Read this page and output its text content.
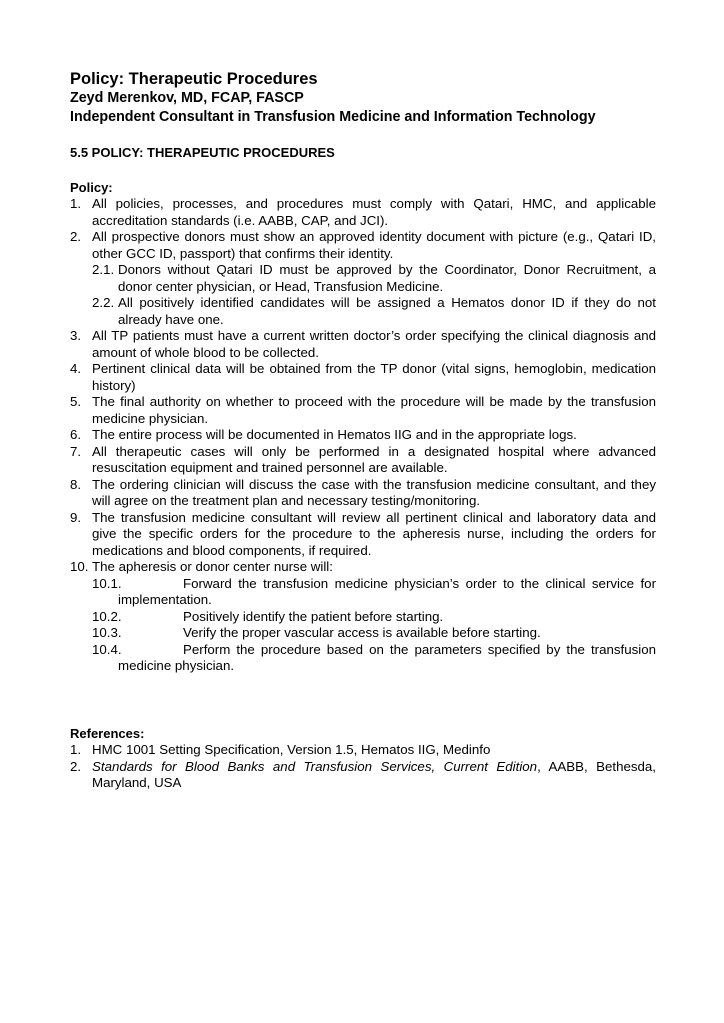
Policy: Therapeutic Procedures

Zeyd Merenkov, MD, FCAP, FASCP

Independent Consultant in Transfusion Medicine and Information Technology

5.5 POLICY: THERAPEUTIC PROCEDURES

Policy:

1. All policies, processes, and procedures must comply with Qatari, HMC, and applicable accreditation standards (i.e. AABB, CAP, and JCI).

2. All prospective donors must show an approved identity document with picture (e.g., Qatari ID, other GCC ID, passport) that confirms their identity.

2.1. Donors without Qatari ID must be approved by the Coordinator, Donor Recruitment, a donor center physician, or Head, Transfusion Medicine.

2.2. All positively identified candidates will be assigned a Hematos donor ID if they do not already have one.

3. All TP patients must have a current written doctor’s order specifying the clinical diagnosis and amount of whole blood to be collected.

4. Pertinent clinical data will be obtained from the TP donor (vital signs, hemoglobin, medication history)

5. The final authority on whether to proceed with the procedure will be made by the transfusion medicine physician.

6. The entire process will be documented in Hematos IIG and in the appropriate logs.

7. All therapeutic cases will only be performed in a designated hospital where advanced resuscitation equipment and trained personnel are available.

8. The ordering clinician will discuss the case with the transfusion medicine consultant, and they will agree on the treatment plan and necessary testing/monitoring.

9. The transfusion medicine consultant will review all pertinent clinical and laboratory data and give the specific orders for the procedure to the apheresis nurse, including the orders for medications and blood components, if required.

10. The apheresis or donor center nurse will:

10.1.	Forward the transfusion medicine physician’s order to the clinical service for implementation.

10.2.	Positively identify the patient before starting.

10.3.	Verify the proper vascular access is available before starting.

10.4.	Perform the procedure based on the parameters specified by the transfusion medicine physician.

References:

1. HMC 1001 Setting Specification, Version 1.5, Hematos IIG, Medinfo

2. Standards for Blood Banks and Transfusion Services, Current Edition, AABB, Bethesda, Maryland, USA
